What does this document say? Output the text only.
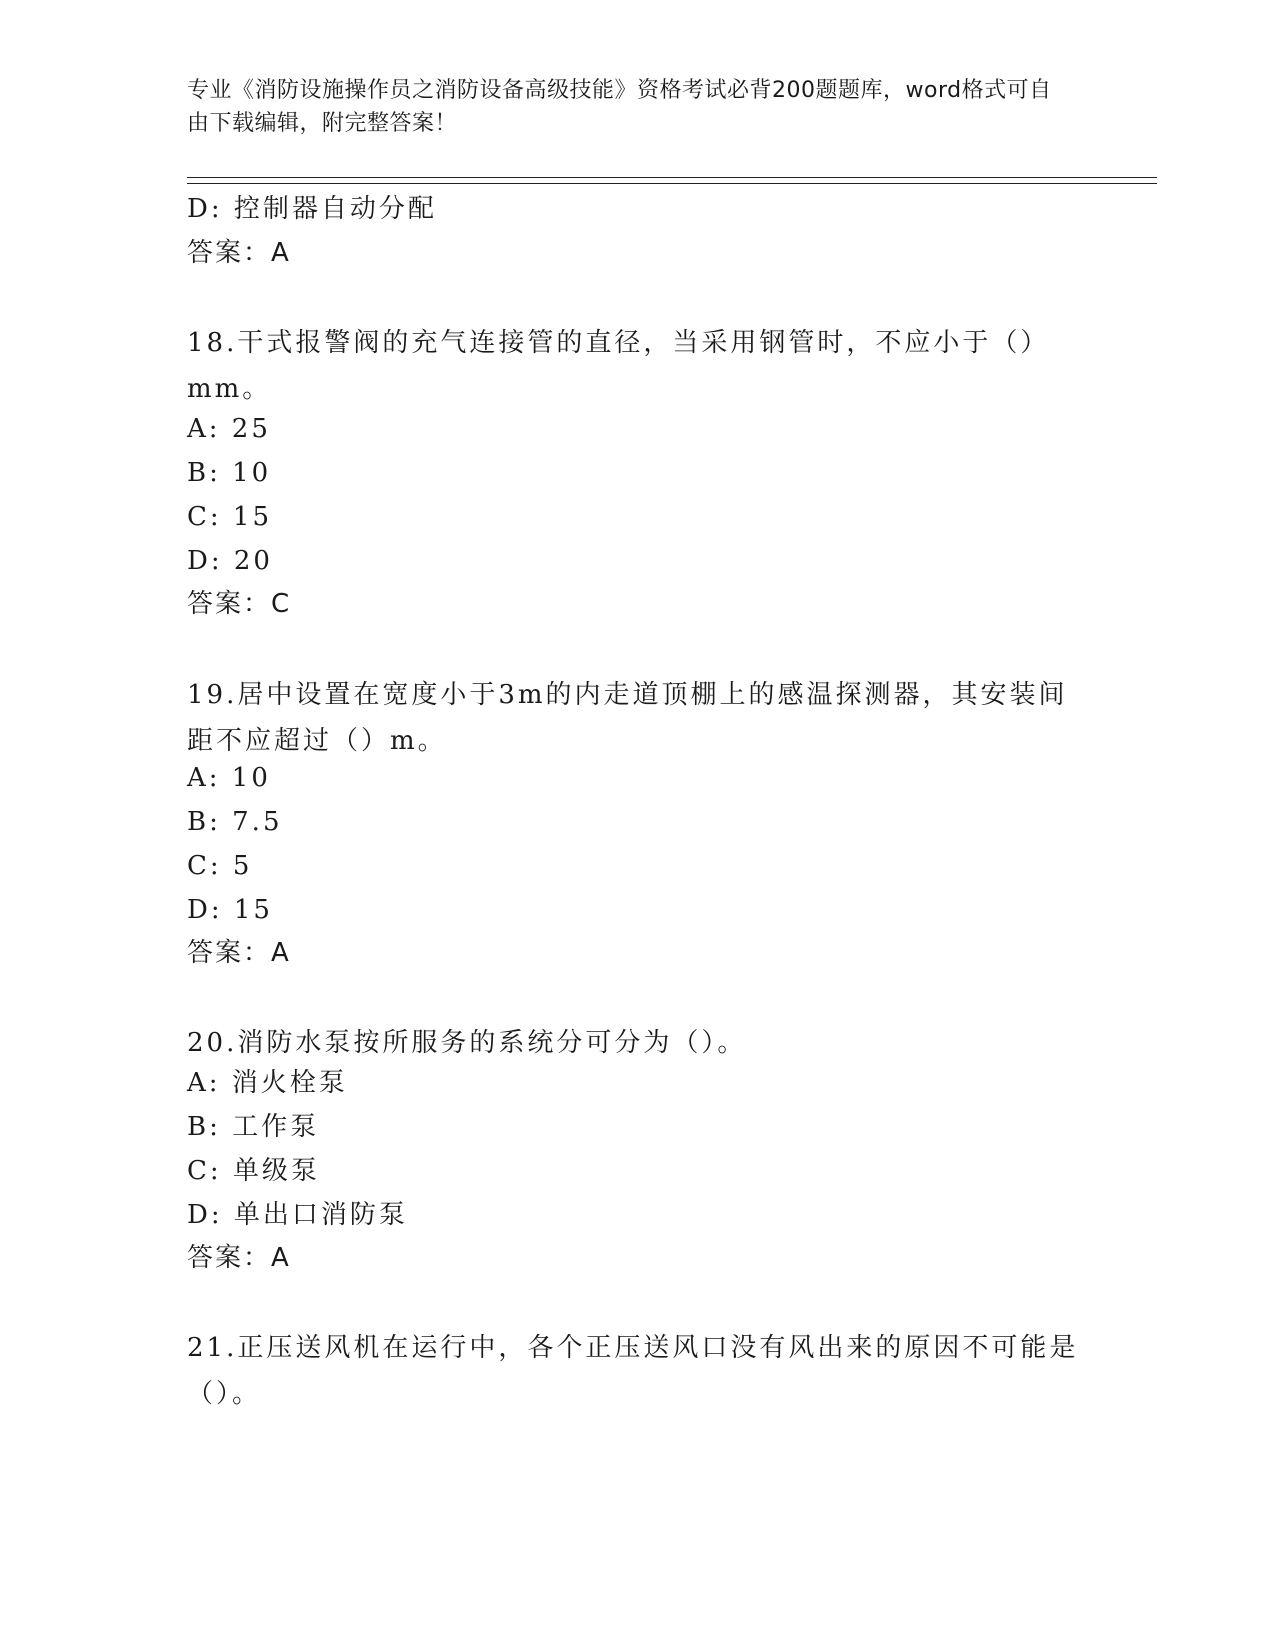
专业《消防设施操作员之消防设备高级技能》资格考试必背200题题库，word格式可自由下载编辑，附完整答案！
D: 控制器自动分配
答案：A
18.干式报警阀的充气连接管的直径，当采用钢管时，不应小于（）mm。
A: 25
B: 10
C: 15
D: 20
答案：C
19.居中设置在宽度小于3m的内走道顶棚上的感温探测器，其安装间距不应超过（）m。
A: 10
B: 7.5
C: 5
D: 15
答案：A
20.消防水泵按所服务的系统分可分为（）。
A: 消火栓泵
B: 工作泵
C: 单级泵
D: 单出口消防泵
答案：A
21.正压送风机在运行中，各个正压送风口没有风出来的原因不可能是（）。
